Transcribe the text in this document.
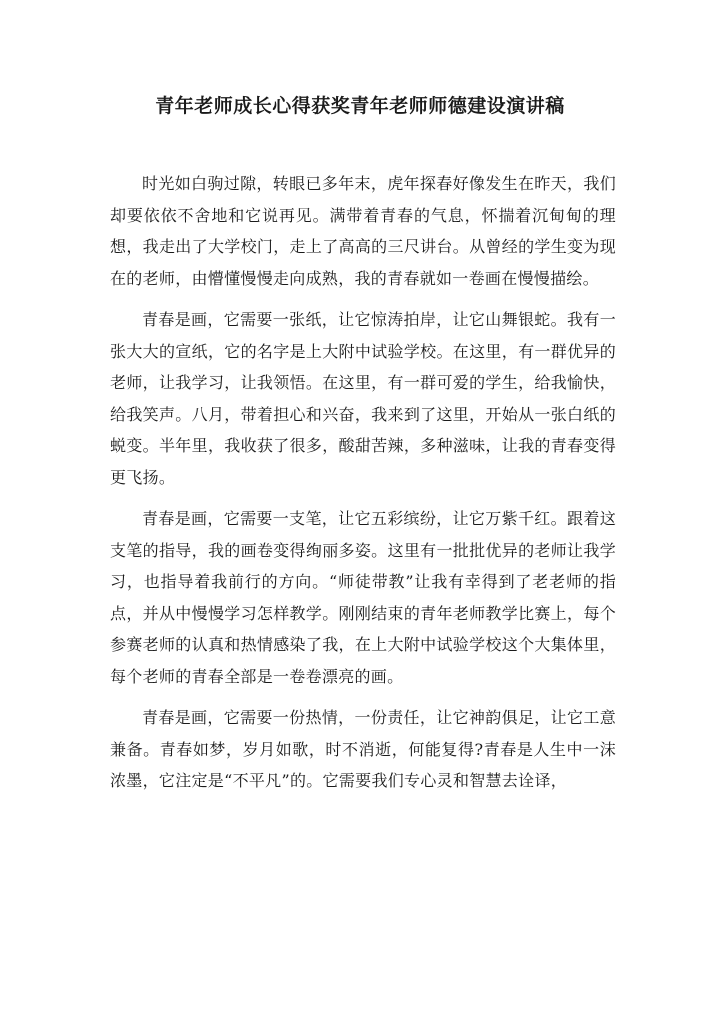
青年老师成长心得获奖青年老师师德建设演讲稿

时光如白驹过隙，转眼已多年末，虎年探春好像发生在昨天，我们却要依依不舍地和它说再见。满带着青春的气息，怀揣着沉甸甸的理想，我走出了大学校门，走上了高高的三尺讲台。从曾经的学生变为现在的老师，由懵懂慢慢走向成熟，我的青春就如一卷画在慢慢描绘。

青春是画，它需要一张纸，让它惊涛拍岸，让它山舞银蛇。我有一张大大的宣纸，它的名字是上大附中试验学校。在这里，有一群优异的老师，让我学习，让我领悟。在这里，有一群可爱的学生，给我愉快，给我笑声。八月，带着担心和兴奋，我来到了这里，开始从一张白纸的蜕变。半年里，我收获了很多，酸甜苦辣，多种滋味，让我的青春变得更飞扬。

青春是画，它需要一支笔，让它五彩缤纷，让它万紫千红。跟着这支笔的指导，我的画卷变得绚丽多姿。这里有一批批优异的老师让我学习，也指导着我前行的方向。“师徒带教”让我有幸得到了老老师的指点，并从中慢慢学习怎样教学。刚刚结束的青年老师教学比赛上，每个参赛老师的认真和热情感染了我，在上大附中试验学校这个大集体里，每个老师的青春全部是一卷卷漂亮的画。

青春是画，它需要一份热情，一份责任，让它神韵俱足，让它工意兼备。青春如梦，岁月如歌，时不消逝，何能复得?青春是人生中一沫浓墨，它注定是“不平凡”的。它需要我们专心灵和智慧去诠译，
